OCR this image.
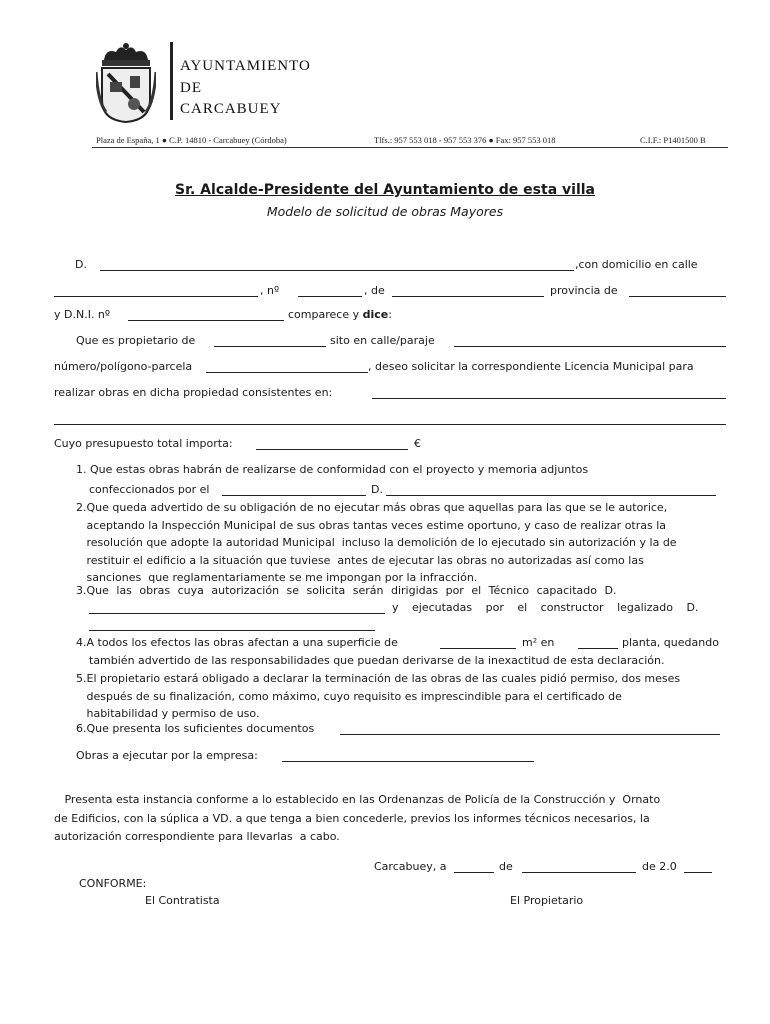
AYUNTAMIENTO
DE
CARCABUEY
Plaza de España, 1 ● C.P. 14810 - Carcabuey (Córdoba)	Tlfs.: 957 553 018 - 957 553 376 ● Fax: 957 553 018	C.I.F.: P1401500 B
Sr. Alcalde-Presidente del Ayuntamiento de esta villa
Modelo de solicitud de obras Mayores
D.	,con domicilio en calle
, nº	, de	provincia de
y D.N.I. nº	comparece y dice:
Que es propietario de	sito en calle/paraje
número/polígono-parcela	, deseo solicitar la correspondiente Licencia Municipal para
realizar obras en dicha propiedad consistentes en:
Cuyo presupuesto total importa:	€
1. Que estas obras habrán de realizarse de conformidad con el proyecto y memoria adjuntos
confeccionados por el	D.
2.Que queda advertido de su obligación de no ejecutar más obras que aquellas para las que se le autorice,
aceptando la Inspección Municipal de sus obras tantas veces estime oportuno, y caso de realizar otras la
resolución que adopte la autoridad Municipal  incluso la demolición de lo ejecutado sin autorización y la de
restituir el edificio a la situación que tuviese  antes de ejecutar las obras no autorizadas así como las
sanciones  que reglamentariamente se me impongan por la infracción.
3.Que las obras cuya autorización se solicita serán dirigidas por el Técnico capacitado D.
y ejecutadas por el constructor legalizado D.
4.A todos los efectos las obras afectan a una superficie de	m² en	planta, quedando
también advertido de las responsabilidades que puedan derivarse de la inexactitud de esta declaración.
5.El propietario estará obligado a declarar la terminación de las obras de las cuales pidió permiso, dos meses
después de su finalización, como máximo, cuyo requisito es imprescindible para el certificado de
habitabilidad y permiso de uso.
6.Que presenta los suficientes documentos
Obras a ejecutar por la empresa:
Presenta esta instancia conforme a lo establecido en las Ordenanzas de Policía de la Construcción y  Ornato
de Edificios, con la súplica a VD. a que tenga a bien concederle, previos los informes técnicos necesarios, la
autorización correspondiente para llevarlas  a cabo.
Carcabuey, a	de	de 2.0
CONFORME:
El Contratista	El Propietario
